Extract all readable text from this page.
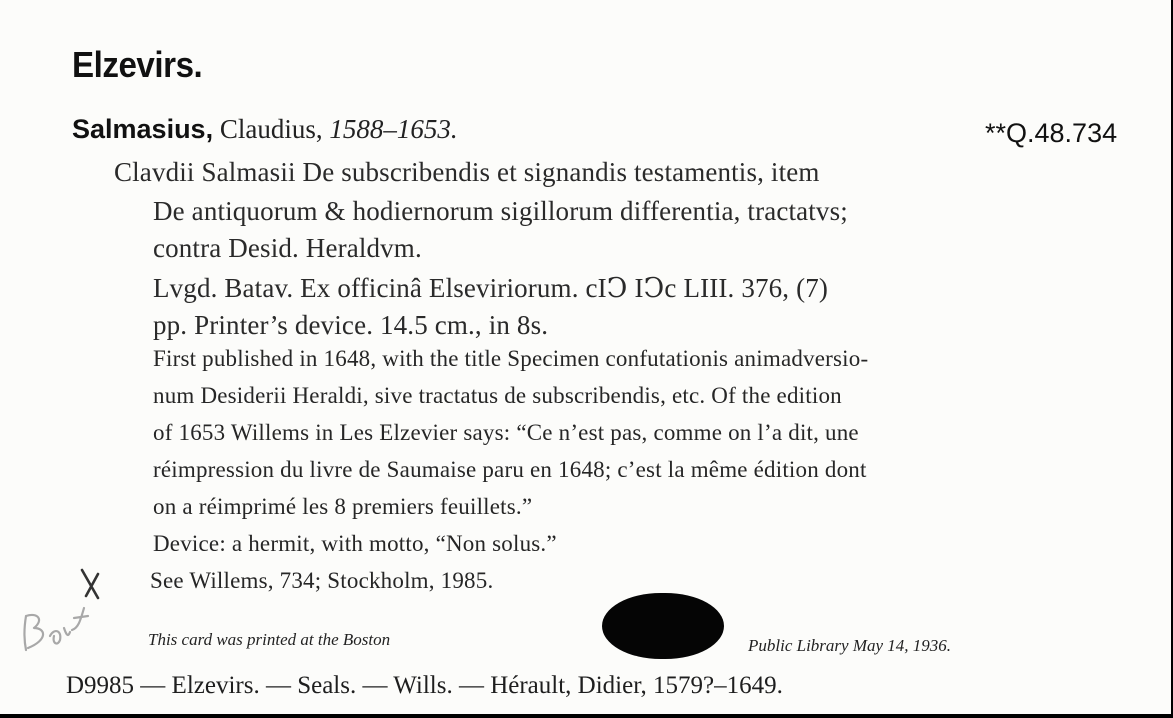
Elzevirs.
Salmasius, Claudius, 1588–1653.	**Q.48.734
Clavdii Salmasii De subscribendis et signandis testamentis, item
De antiquorum & hodiernorum sigillorum differentia, tractatvs;
contra Desid. Heraldvm.
Lvgd. Batav. Ex officinâ Elseviriorum. cIↃ IↃc LIII. 376, (7)
pp. Printer’s device. 14.5 cm., in 8s.
First published in 1648, with the title Specimen confutationis animadversio-
num Desiderii Heraldi, sive tractatus de subscribendis, etc. Of the edition
of 1653 Willems in Les Elzevier says: “Ce n’est pas, comme on l’a dit, une
réimpression du livre de Saumaise paru en 1648; c’est la même édition dont
on a réimprimé les 8 premiers feuillets.”
Device: a hermit, with motto, “Non solus.”
See Willems, 734; Stockholm, 1985.
This card was printed at the Boston	Public Library May 14, 1936.
D9985 — Elzevirs. — Seals. — Wills. — Hérault, Didier, 1579?–1649.
